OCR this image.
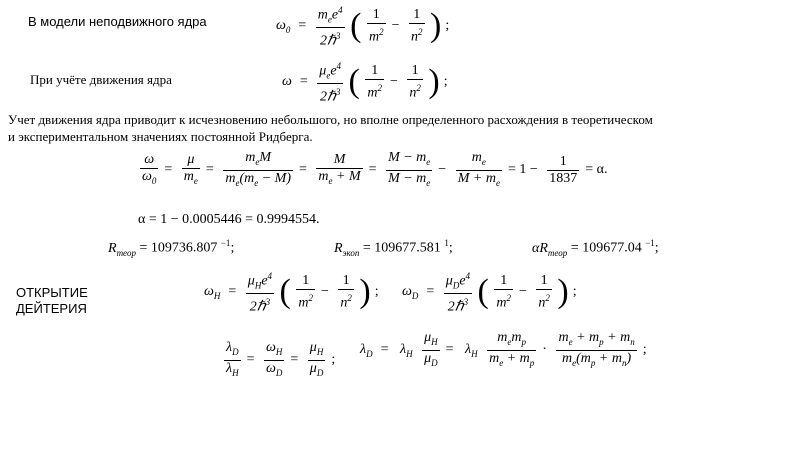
В модели неподвижного ядра	$\omega_0 = \frac{m_ee^4}{2\hbar^3}$ ( $\frac{1}{m^2} - \frac{1}{n^2}$ ) ;
При учёте движения ядра	$\omega = \frac{\mu_ee^4}{2\hbar^3}$ ( $\frac{1}{m^2} - \frac{1}{n^2}$ ) ;
Учет движения ядра приводит к исчезновению небольшого, но вполне определенного расхождения в теоретическом
и экспериментальном значениях постоянной Ридберга.
$\frac{\omega}{\omega_0} = \frac{\mu}{m_e} = \frac{m_eM}{m_e(m_e - M)} = \frac{M}{m_e + M} = \frac{M - m_e}{M - m_e} - \frac{m_e}{M + m_e} = 1 - \frac{1}{1837} = \alpha$.
α = 1 − 0.0005446 = 0.9994554.
$R_{теор} = 109736.807$ $^{-1}$;	$R_{экоп} = 109677.581$ $^1$;	$\alpha R_{теор} = 109677.04$ $^{-1}$;
ОТКРЫТИЕ
ДЕЙТЕРИЯ
$\omega_H = \frac{\mu_He^4}{2\hbar^3}$ ( $\frac{1}{m^2} - \frac{1}{n^2}$ ) ; $\omega_D = \frac{\mu_De^4}{2\hbar^3}$ ( $\frac{1}{m^2} - \frac{1}{n^2}$ ) ;
$\frac{\lambda_D}{\lambda_H} = \frac{\omega_H}{\omega_D} = \frac{\mu_H}{\mu_D}$ ;
$\lambda_D = \lambda_H \frac{\mu_H}{\mu_D} = \lambda_H \frac{m_em_p}{m_e + m_p} \cdot \frac{m_e + m_p + m_n}{m_e(m_p + m_n)}$ ;
